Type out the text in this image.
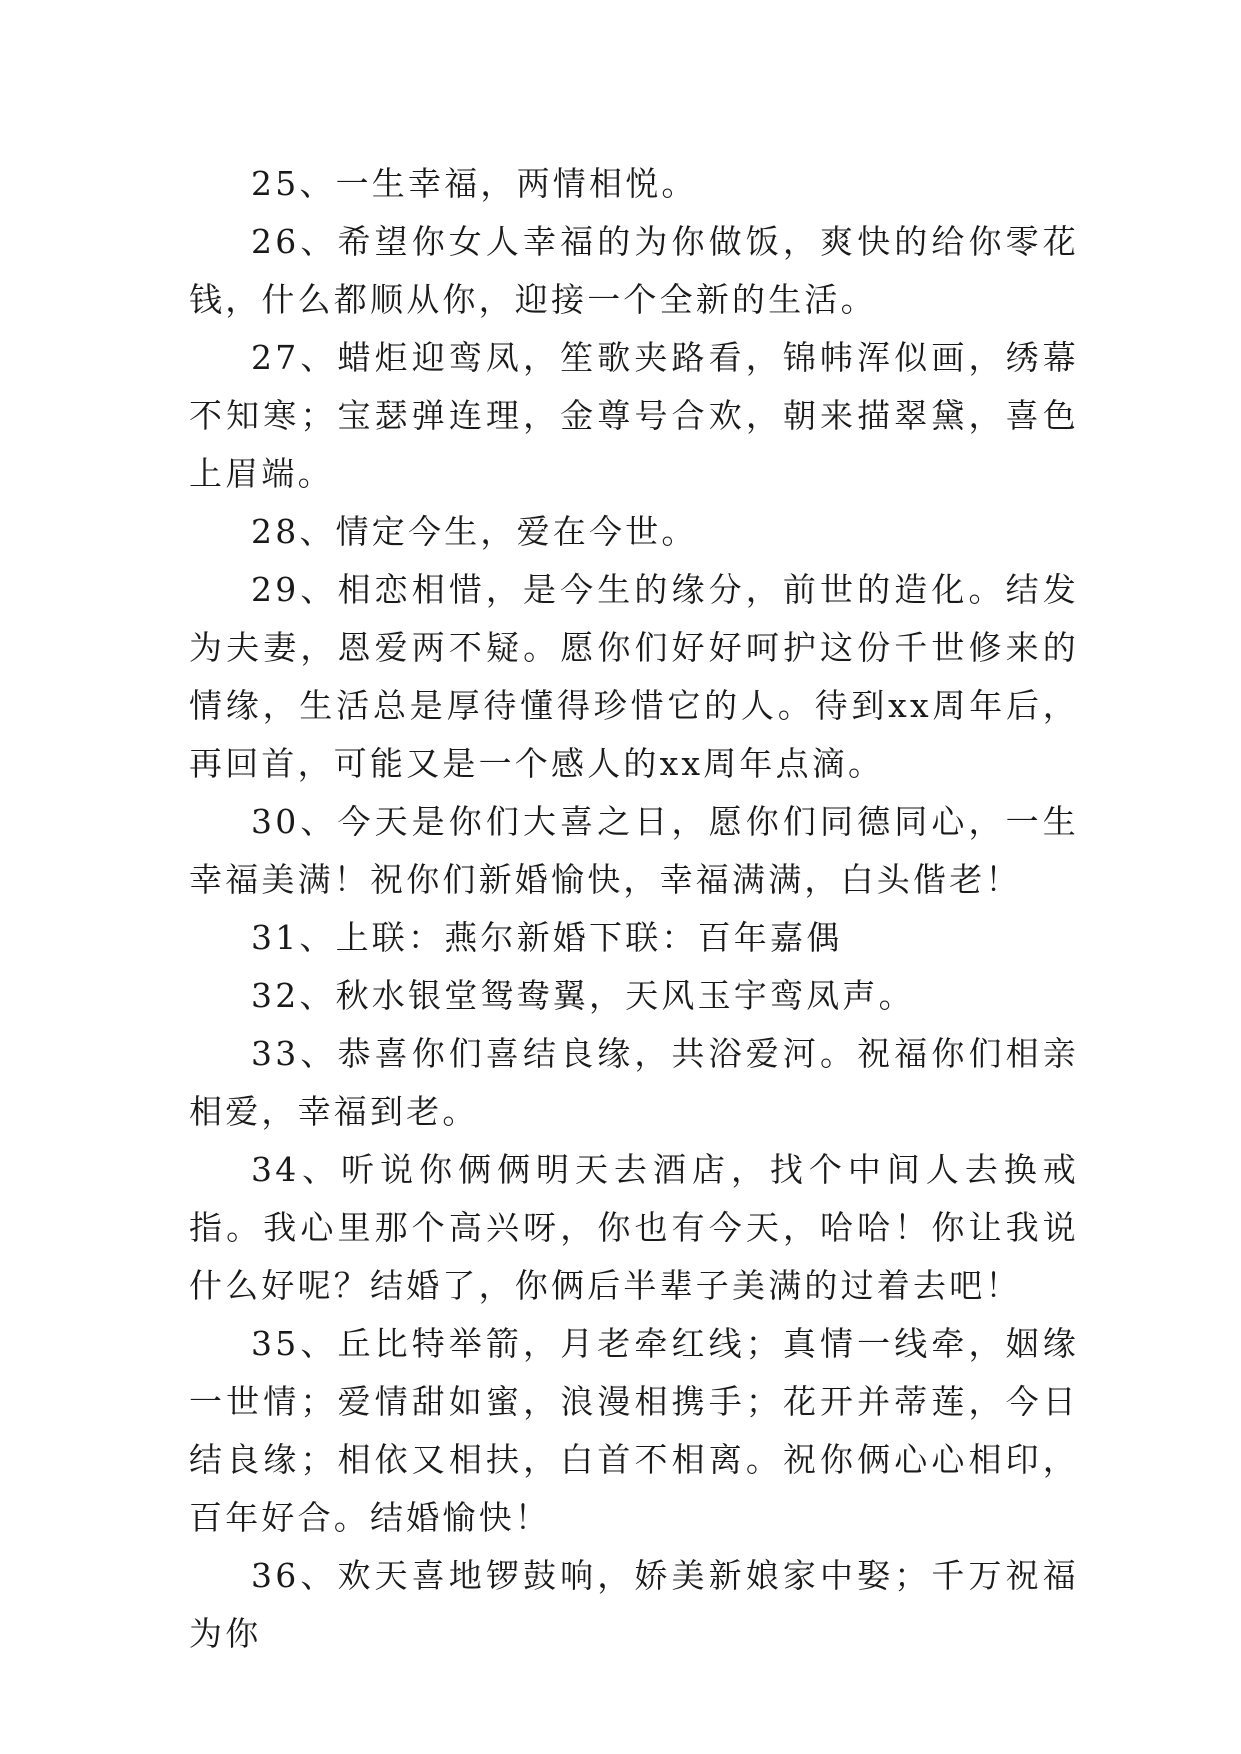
25、一生幸福，两情相悦。

26、希望你女人幸福的为你做饭，爽快的给你零花钱，什么都顺从你，迎接一个全新的生活。

27、蜡炬迎鸾凤，笙歌夹路看，锦帏浑似画，绣幕不知寒；宝瑟弹连理，金尊号合欢，朝来描翠黛，喜色上眉端。

28、情定今生，爱在今世。

29、相恋相惜，是今生的缘分，前世的造化。结发为夫妻，恩爱两不疑。愿你们好好呵护这份千世修来的情缘，生活总是厚待懂得珍惜它的人。待到xx周年后，再回首，可能又是一个感人的xx周年点滴。

30、今天是你们大喜之日，愿你们同德同心，一生幸福美满！祝你们新婚愉快，幸福满满，白头偕老！

31、上联：燕尔新婚下联：百年嘉偶

32、秋水银堂鸳鸯翼，天风玉宇鸾凤声。

33、恭喜你们喜结良缘，共浴爱河。祝福你们相亲相爱，幸福到老。

34、听说你俩俩明天去酒店，找个中间人去换戒指。我心里那个高兴呀，你也有今天，哈哈！你让我说什么好呢？结婚了，你俩后半辈子美满的过着去吧！

35、丘比特举箭，月老牵红线；真情一线牵，姻缘一世情；爱情甜如蜜，浪漫相携手；花开并蒂莲，今日结良缘；相依又相扶，白首不相离。祝你俩心心相印，百年好合。结婚愉快！

36、欢天喜地锣鼓响，娇美新娘家中娶；千万祝福为你
